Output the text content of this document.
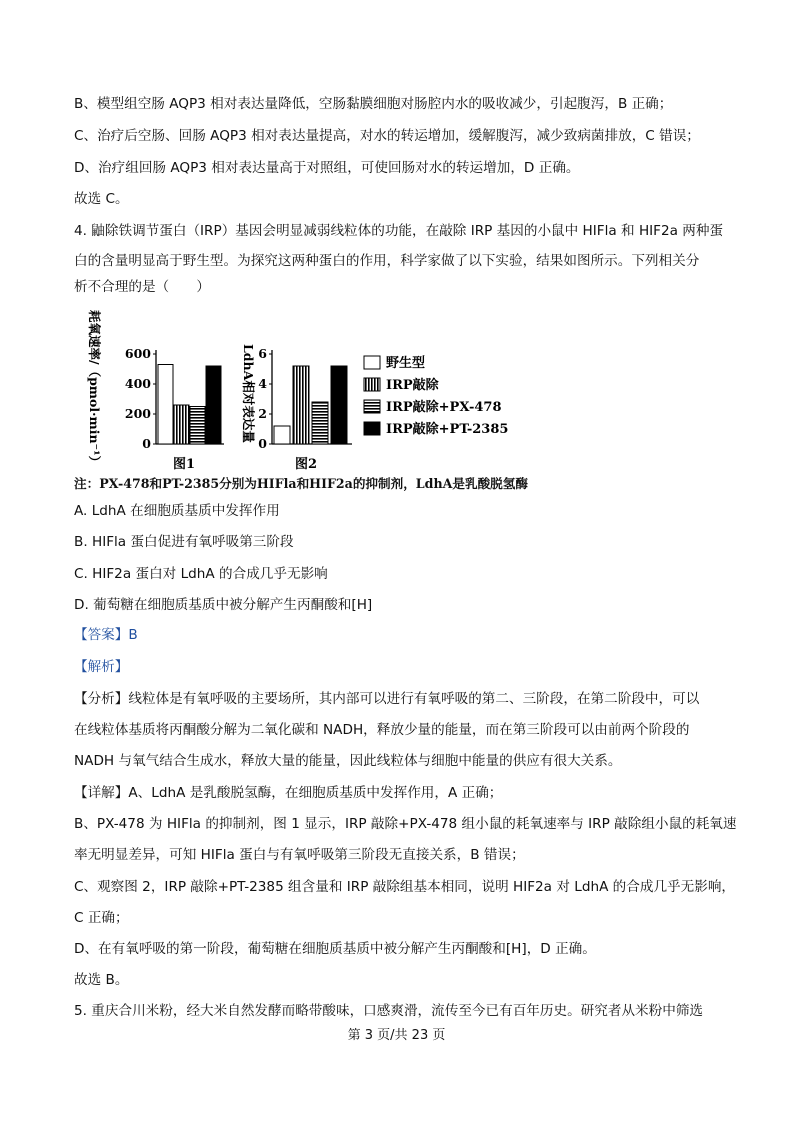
B、模型组空肠 AQP3 相对表达量降低，空肠黏膜细胞对肠腔内水的吸收减少，引起腹泻，B 正确；
C、治疗后空肠、回肠 AQP3 相对表达量提高，对水的转运增加，缓解腹泻，减少致病菌排放，C 错误；
D、治疗组回肠 AQP3 相对表达量高于对照组，可使回肠对水的转运增加，D 正确。
故选 C。
4. 鼬除铁调节蛋白（IRP）基因会明显减弱线粒体的功能，在敲除 IRP 基因的小鼠中 HIFla 和 HIF2a 两种蛋
白的含量明显高于野生型。为探究这两种蛋白的作用，科学家做了以下实验，结果如图所示。下列相关分
析不合理的是（　　）
0
200
400
600
耗氧速率/（pmol·min⁻¹）	图1
0
2
4
6
LdhA相对表达量
图2
野生型
IRP敲除
IRP敲除+PX-478
IRP敲除+PT-2385
注：PX-478和PT-2385分别为HIFla和HIF2a的抑制剂，LdhA是乳酸脱氢酶
A. LdhA 在细胞质基质中发挥作用
B. HIFla 蛋白促进有氧呼吸第三阶段
C. HIF2a 蛋白对 LdhA 的合成几乎无影响
D. 葡萄糖在细胞质基质中被分解产生丙酮酸和[H]
【答案】B
【解析】
【分析】线粒体是有氧呼吸的主要场所，其内部可以进行有氧呼吸的第二、三阶段，在第二阶段中，可以
在线粒体基质将丙酮酸分解为二氧化碳和 NADH，释放少量的能量，而在第三阶段可以由前两个阶段的
NADH 与氧气结合生成水，释放大量的能量，因此线粒体与细胞中能量的供应有很大关系。
【详解】A、LdhA 是乳酸脱氢酶，在细胞质基质中发挥作用，A 正确；
B、PX-478 为 HIFla 的抑制剂，图 1 显示，IRP 敲除+PX-478 组小鼠的耗氧速率与 IRP 敲除组小鼠的耗氧速
率无明显差异，可知 HIFla 蛋白与有氧呼吸第三阶段无直接关系，B 错误；
C、观察图 2，IRP 敲除+PT-2385 组含量和 IRP 敲除组基本相同，说明 HIF2a 对 LdhA 的合成几乎无影响，
C 正确；
D、在有氧呼吸的第一阶段，葡萄糖在细胞质基质中被分解产生丙酮酸和[H]，D 正确。
故选 B。
5. 重庆合川米粉，经大米自然发酵而略带酸味，口感爽滑，流传至今已有百年历史。研究者从米粉中筛选
第 3 页/共 23 页
